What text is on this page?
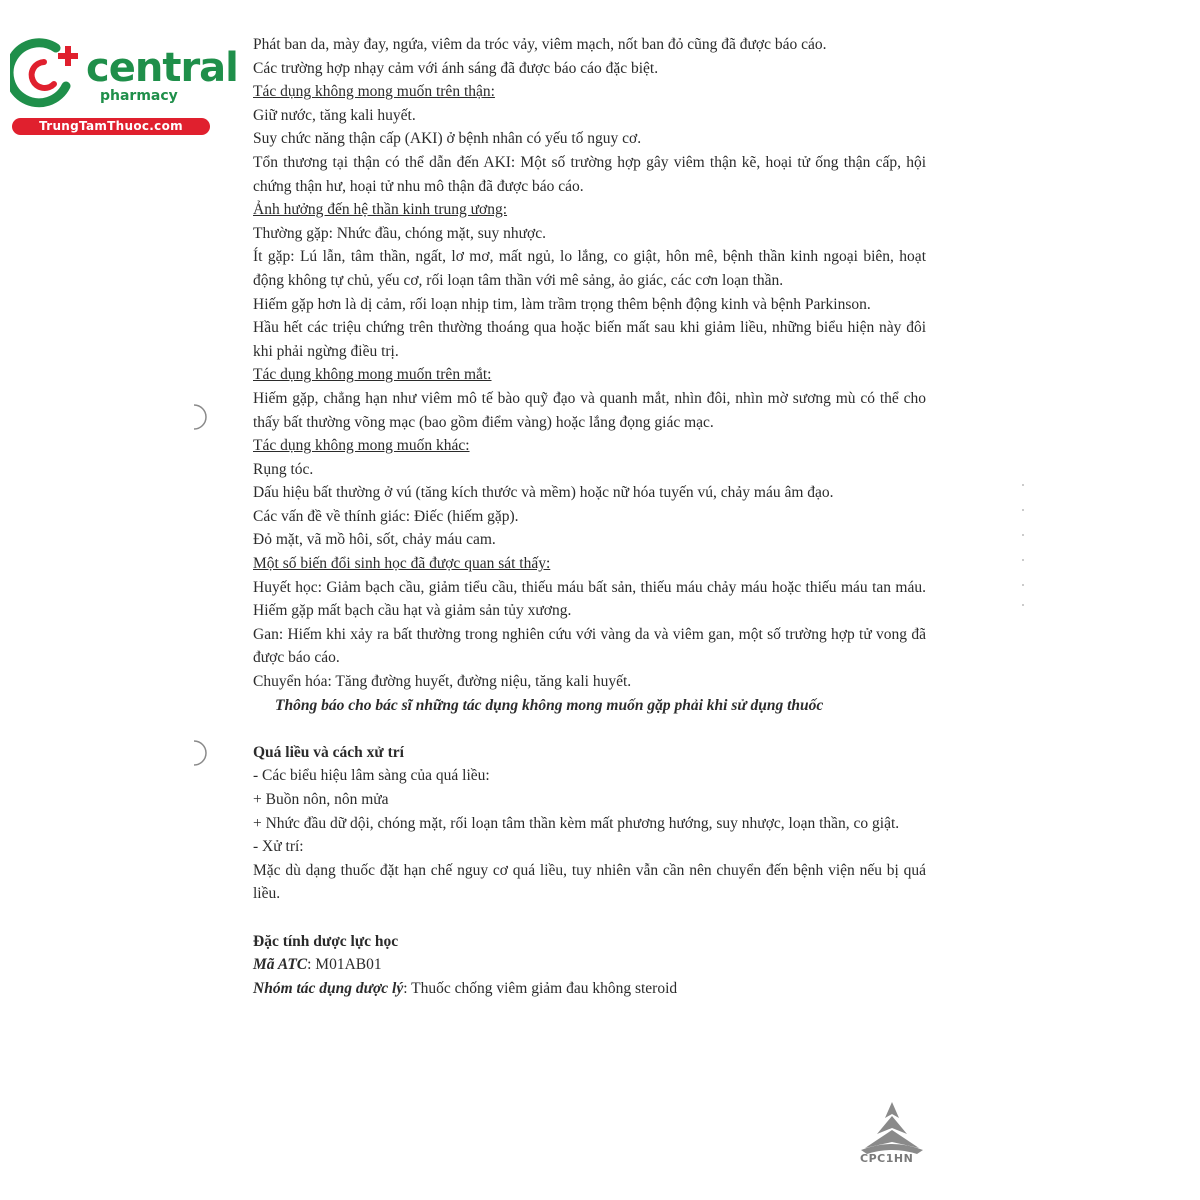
central
pharmacy
TrungTamThuoc.com

Phát ban da, mày đay, ngứa, viêm da tróc vảy, viêm mạch, nốt ban đỏ cũng đã được báo cáo.

Các trường hợp nhạy cảm với ánh sáng đã được báo cáo đặc biệt.

Tác dụng không mong muốn trên thận:

Giữ nước, tăng kali huyết.

Suy chức năng thận cấp (AKI) ở bệnh nhân có yếu tố nguy cơ.

Tổn thương tại thận có thể dẫn đến AKI: Một số trường hợp gây viêm thận kẽ, hoại tử ống thận cấp, hội chứng thận hư, hoại tử nhu mô thận đã được báo cáo.

Ảnh hưởng đến hệ thần kinh trung ương:

Thường gặp: Nhức đầu, chóng mặt, suy nhược.

Ít gặp: Lú lẫn, tâm thần, ngất, lơ mơ, mất ngủ, lo lắng, co giật, hôn mê, bệnh thần kinh ngoại biên, hoạt động không tự chủ, yếu cơ, rối loạn tâm thần với mê sảng, ảo giác, các cơn loạn thần.

Hiếm gặp hơn là dị cảm, rối loạn nhịp tim, làm trầm trọng thêm bệnh động kinh và bệnh Parkinson.

Hầu hết các triệu chứng trên thường thoáng qua hoặc biến mất sau khi giảm liều, những biểu hiện này đôi khi phải ngừng điều trị.

Tác dụng không mong muốn trên mắt:

Hiếm gặp, chẳng hạn như viêm mô tế bào quỹ đạo và quanh mắt, nhìn đôi, nhìn mờ sương mù có thể cho thấy bất thường võng mạc (bao gồm điểm vàng) hoặc lắng đọng giác mạc.

Tác dụng không mong muốn khác:

Rụng tóc.

Dấu hiệu bất thường ở vú (tăng kích thước và mềm) hoặc nữ hóa tuyến vú, chảy máu âm đạo.

Các vấn đề về thính giác: Điếc (hiếm gặp).

Đỏ mặt, vã mồ hôi, sốt, chảy máu cam.

Một số biến đổi sinh học đã được quan sát thấy:

Huyết học: Giảm bạch cầu, giảm tiểu cầu, thiếu máu bất sản, thiếu máu chảy máu hoặc thiếu máu tan máu. Hiếm gặp mất bạch cầu hạt và giảm sản tủy xương.

Gan: Hiếm khi xảy ra bất thường trong nghiên cứu với vàng da và viêm gan, một số trường hợp tử vong đã được báo cáo.

Chuyển hóa: Tăng đường huyết, đường niệu, tăng kali huyết.

Thông báo cho bác sĩ những tác dụng không mong muốn gặp phải khi sử dụng thuốc

Quá liều và cách xử trí

- Các biểu hiệu lâm sàng của quá liều:

+ Buồn nôn, nôn mửa

+ Nhức đầu dữ dội, chóng mặt, rối loạn tâm thần kèm mất phương hướng, suy nhược, loạn thần, co giật.

- Xử trí:

Mặc dù dạng thuốc đặt hạn chế nguy cơ quá liều, tuy nhiên vẫn cần nên chuyển đến bệnh viện nếu bị quá liều.

Đặc tính dược lực học

Mã ATC: M01AB01

Nhóm tác dụng dược lý: Thuốc chống viêm giảm đau không steroid

CPC1HN
